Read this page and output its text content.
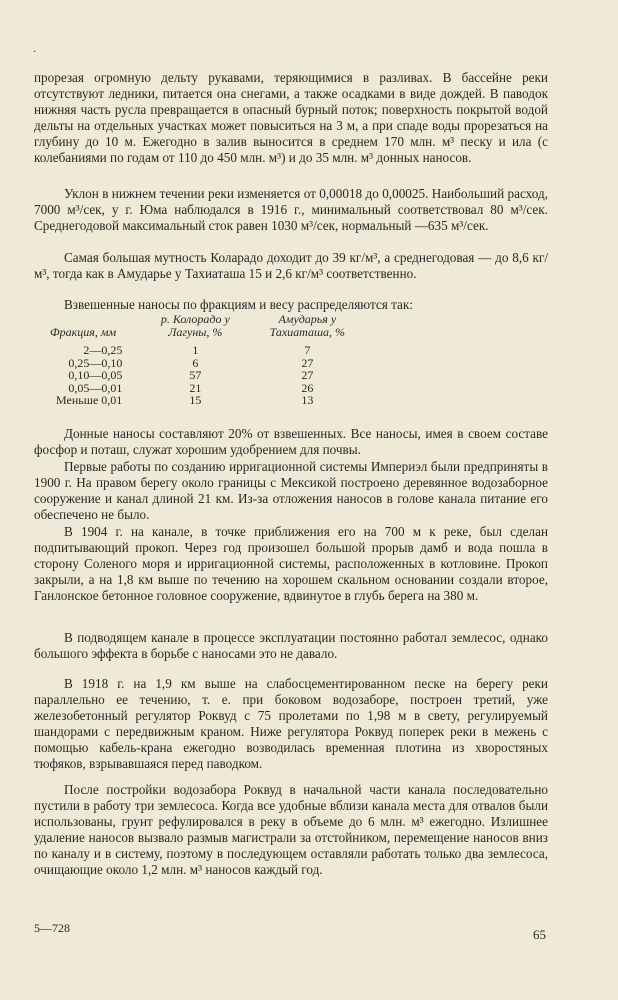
·

прорезая огромную дельту рукавами, теряющимися в разливах. В бассейне реки отсутствуют ледники, питается она снегами, а также осадками в виде дождей. В паводок нижняя часть русла превращается в опасный бурный поток; поверхность покрытой водой дельты на отдельных участках может повыситься на 3 м, а при спаде воды прорезаться на глубину до 10 м. Ежегодно в залив выносится в среднем 170 млн. м³ песку и ила (с колебаниями по годам от 110 до 450 млн. м³) и до 35 млн. м³ донных наносов.

Уклон в нижнем течении реки изменяется от 0,00018 до 0,00025. Наибольший расход, 7000 м³/сек, у г. Юма наблюдался в 1916 г., минимальный соответствовал 80 м³/сек. Среднегодовой максимальный сток равен 1030 м³/сек, нормальный —635 м³/сек.

Самая большая мутность Коларадо доходит до 39 кг/м³, а среднегодовая — до 8,6 кг/м³, тогда как в Амударье у Тахиаташа 15 и 2,6 кг/м³ соответственно.

Взвешенные наносы по фракциям и весу распределяются так:

Фракция, мм	р. Колорадо у Лагуны, %	Амударья у Тахиаташа, %
2—0,25	1	7
0,25—0,10	6	27
0,10—0,05	57	27
0,05—0,01	21	26
Меньше 0,01	15	13

Донные наносы составляют 20% от взвешенных. Все наносы, имея в своем составе фосфор и поташ, служат хорошим удобрением для почвы.

Первые работы по созданию ирригационной системы Империэл были предприняты в 1900 г. На правом берегу около границы с Мексикой построено деревянное водозаборное сооружение и канал длиной 21 км. Из-за отложения наносов в голове канала питание его обеспечено не было.

В 1904 г. на канале, в точке приближения его на 700 м к реке, был сделан подпитывающий прокоп. Через год произошел большой прорыв дамб и вода пошла в сторону Соленого моря и ирригационной системы, расположенных в котловине. Прокоп закрыли, а на 1,8 км выше по течению на хорошем скальном основании создали второе, Ганлонское бетонное головное сооружение, вдвинутое в глубь берега на 380 м.

В подводящем канале в процессе эксплуатации постоянно работал землесос, однако большого эффекта в борьбе с наносами это не давало.

В 1918 г. на 1,9 км выше на слабосцементированном песке на берегу реки параллельно ее течению, т. е. при боковом водозаборе, построен третий, уже железобетонный регулятор Роквуд с 75 пролетами по 1,98 м в свету, регулируемый шандорами с передвижным краном. Ниже регулятора Роквуд поперек реки в межень с помощью кабель-крана ежегодно возводилась временная плотина из хворостяных тюфяков, взрывавшаяся перед паводком.

После постройки водозабора Роквуд в начальной части канала последовательно пустили в работу три землесоса. Когда все удобные вблизи канала места для отвалов были использованы, грунт рефулировался в реку в объеме до 6 млн. м³ ежегодно. Излишнее удаление наносов вызвало размыв магистрали за отстойником, перемещение наносов вниз по каналу и в систему, поэтому в последующем оставляли работать только два землесоса, очищающие около 1,2 млн. м³ наносов каждый год.

5—728	65
